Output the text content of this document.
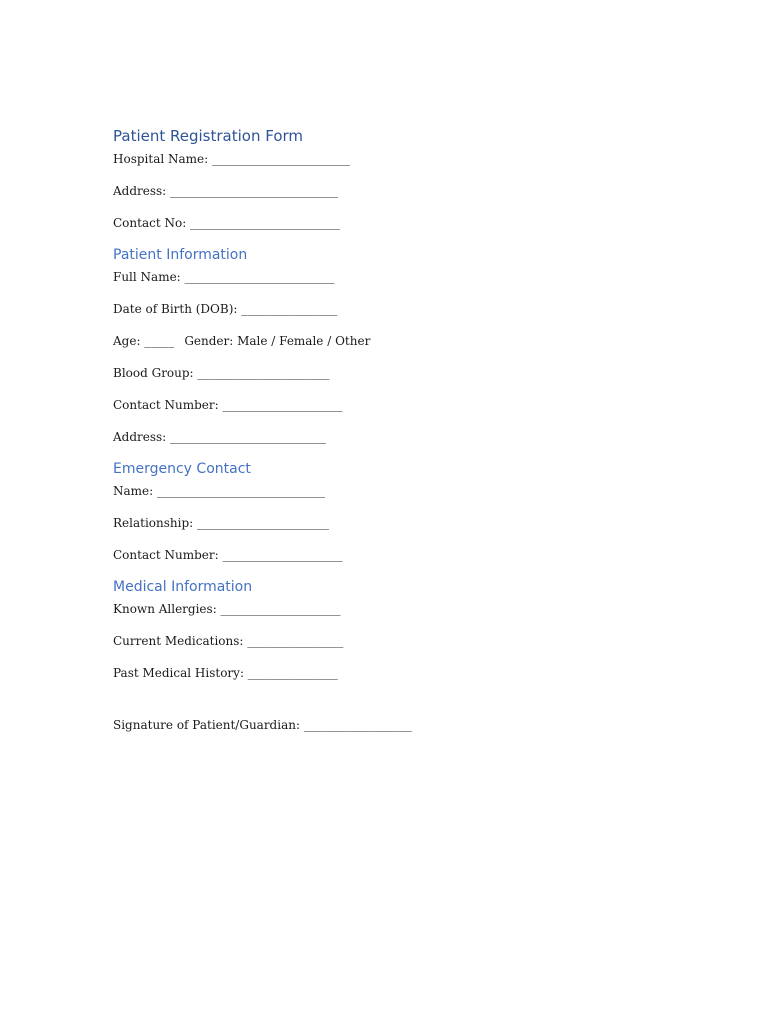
Patient Registration Form
Hospital Name: _______________________
Address: ____________________________
Contact No: _________________________
Patient Information
Full Name: _________________________
Date of Birth (DOB): ________________
Age: _____ Gender: Male / Female / Other
Blood Group: ______________________
Contact Number: ____________________
Address: __________________________
Emergency Contact
Name: ____________________________
Relationship: ______________________
Contact Number: ____________________
Medical Information
Known Allergies: ____________________
Current Medications: ________________
Past Medical History: _______________
Signature of Patient/Guardian: __________________
